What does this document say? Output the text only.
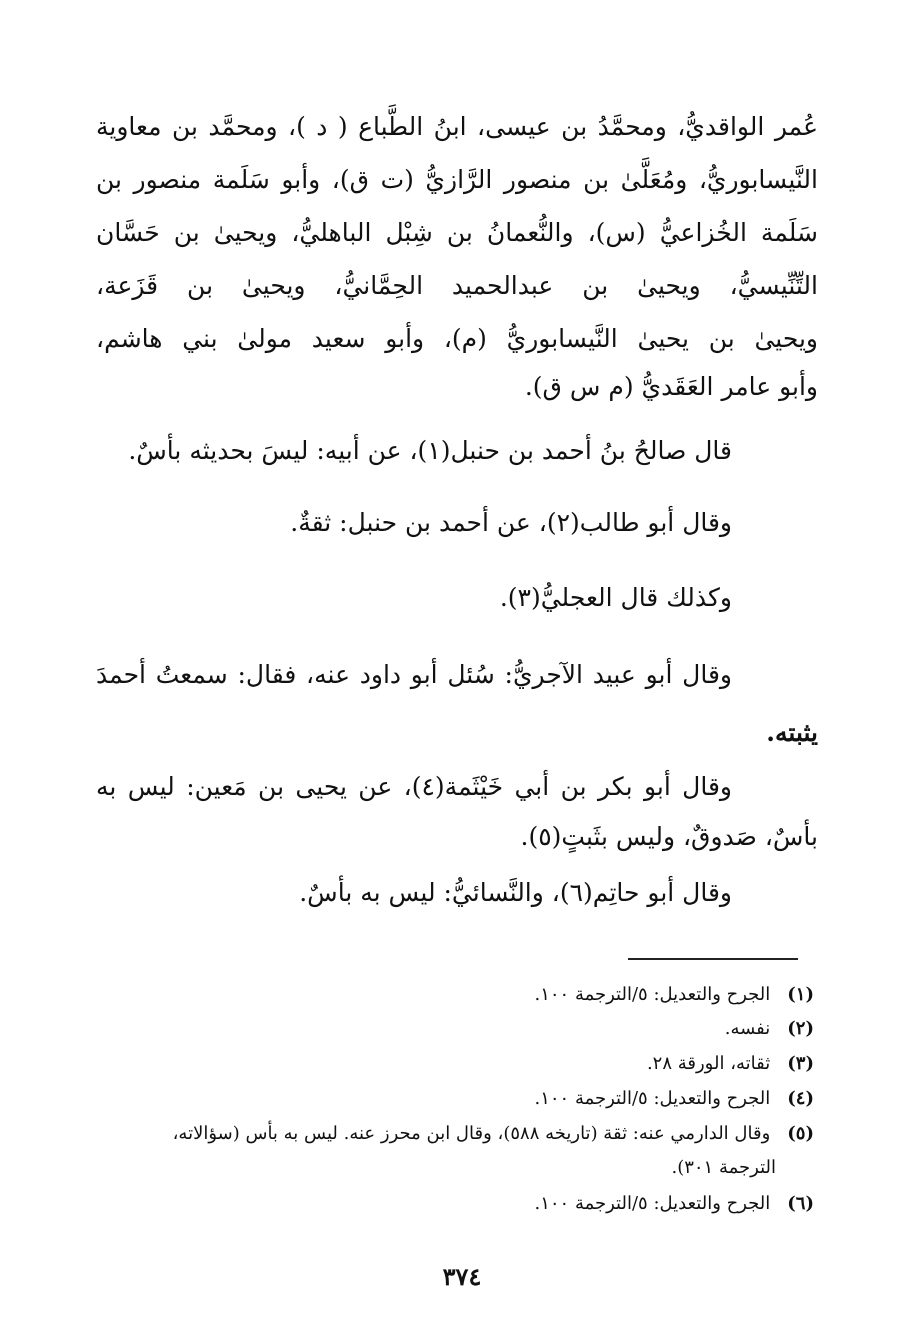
عُمر الواقديُّ، ومحمَّدُ بن عيسى، ابنُ الطَّباع ( د )، ومحمَّد بن معاوية
النَّيسابوريُّ، ومُعَلَّىٰ بن منصور الرَّازيُّ (ت ق)، وأبو سَلَمة منصور بن
سَلَمة الخُزاعيُّ (س)، والنُّعمانُ بن شِبْل الباهليُّ، ويحيىٰ بن حَسَّان
التِّنِّيسيُّ، ويحيىٰ بن عبدالحميد الحِمَّانيُّ، ويحيىٰ بن قَزَعة،
ويحيىٰ بن يحيىٰ النَّيسابوريُّ (م)، وأبو سعيد مولىٰ بني هاشم،
وأبو عامر العَقَديُّ (م س ق).
قال صالحُ بنُ أحمد بن حنبل(١)، عن أبيه: ليسَ بحديثه بأسٌ.
وقال أبو طالب(٢)، عن أحمد بن حنبل: ثقةٌ.
وكذلك قال العجليُّ(٣).
وقال أبو عبيد الآجريُّ: سُئل أبو داود عنه، فقال: سمعتُ أحمدَ
يثبته.
وقال أبو بكر بن أبي خَيْثَمة(٤)، عن يحيى بن مَعين: ليس به
بأسٌ، صَدوقٌ، وليس بثَبتٍ(٥).
وقال أبو حاتِم(٦)، والنَّسائيُّ: ليس به بأسٌ.
(١) الجرح والتعديل: ٥/الترجمة ١٠٠.
(٢) نفسه.
(٣) ثقاته، الورقة ٢٨.
(٤) الجرح والتعديل: ٥/الترجمة ١٠٠.
(٥) وقال الدارمي عنه: ثقة (تاريخه ٥٨٨)، وقال ابن محرز عنه. ليس به بأس (سؤالاته،
الترجمة ٣٠١).
(٦) الجرح والتعديل: ٥/الترجمة ١٠٠.
٣٧٤
